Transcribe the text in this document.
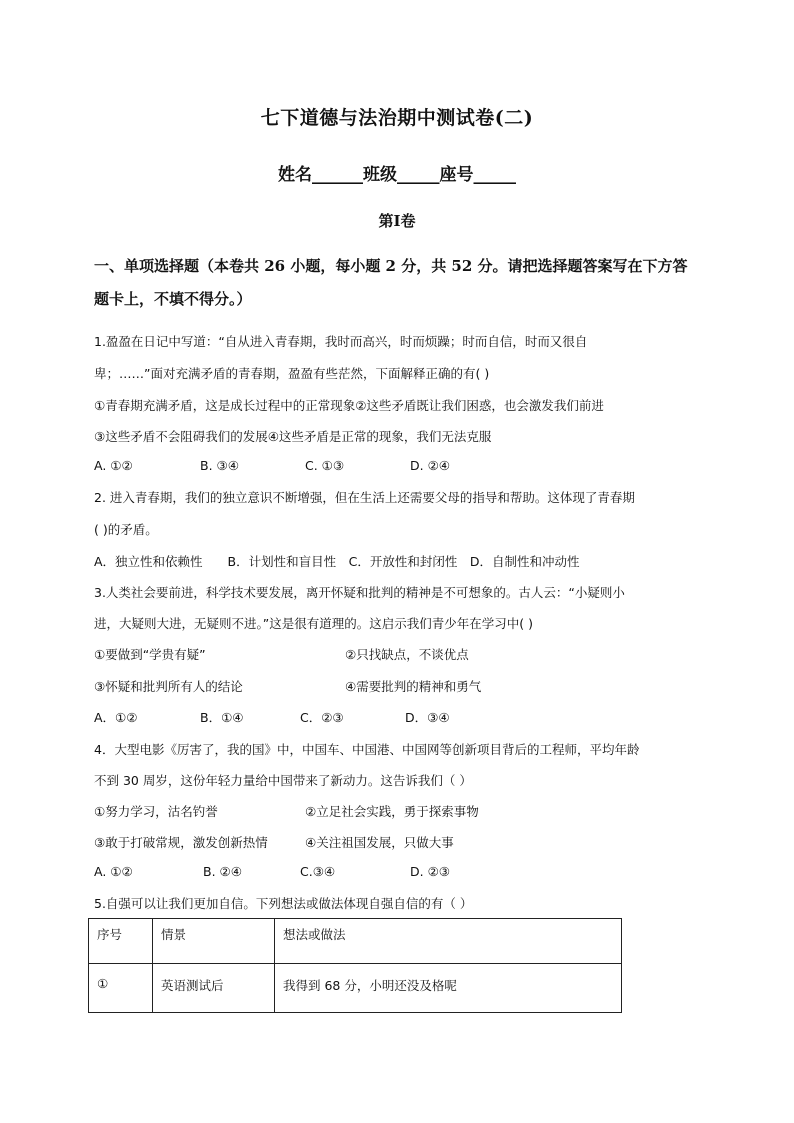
七下道德与法治期中测试卷(二)
姓名______班级_____座号_____
第Ⅰ卷
一、单项选择题（本卷共 26 小题，每小题 2 分，共 52 分。请把选择题答案写在下方答
题卡上，不填不得分。）
1.盈盈在日记中写道：“自从进入青春期，我时而高兴，时而烦躁；时而自信，时而又很自
卑；……”面对充满矛盾的青春期，盈盈有些茫然，下面解释正确的有( )
①青春期充满矛盾，这是成长过程中的正常现象②这些矛盾既让我们困惑，也会激发我们前进
③这些矛盾不会阻碍我们的发展④这些矛盾是正常的现象，我们无法克服
A. ①②	B. ③④	C. ①③	D. ②④
2. 进入青春期，我们的独立意识不断增强，但在生活上还需要父母的指导和帮助。这体现了青春期
( )的矛盾。
A．独立性和依赖性　　B．计划性和盲目性　C．开放性和封闭性　D．自制性和冲动性
3.人类社会要前进，科学技术要发展，离开怀疑和批判的精神是不可想象的。古人云：“小疑则小
进，大疑则大进，无疑则不进。”这是很有道理的。这启示我们青少年在学习中( )
①要做到“学贵有疑”	②只找缺点，不谈优点
③怀疑和批判所有人的结论	④需要批判的精神和勇气
A．①②	B．①④	C．②③	D．③④
4．大型电影《厉害了，我的国》中，中国车、中国港、中国网等创新项目背后的工程师，平均年龄
不到 30 周岁，这份年轻力量给中国带来了新动力。这告诉我们（ ）
①努力学习，沽名钓誉	②立足社会实践，勇于探索事物
③敢于打破常规，激发创新热情	④关注祖国发展，只做大事
A. ①②	B. ②④	C.③④	D. ②③
5.自强可以让我们更加自信。下列想法或做法体现自强自信的有（ ）
序号	情景	想法或做法
①	英语测试后	我得到 68 分，小明还没及格呢
